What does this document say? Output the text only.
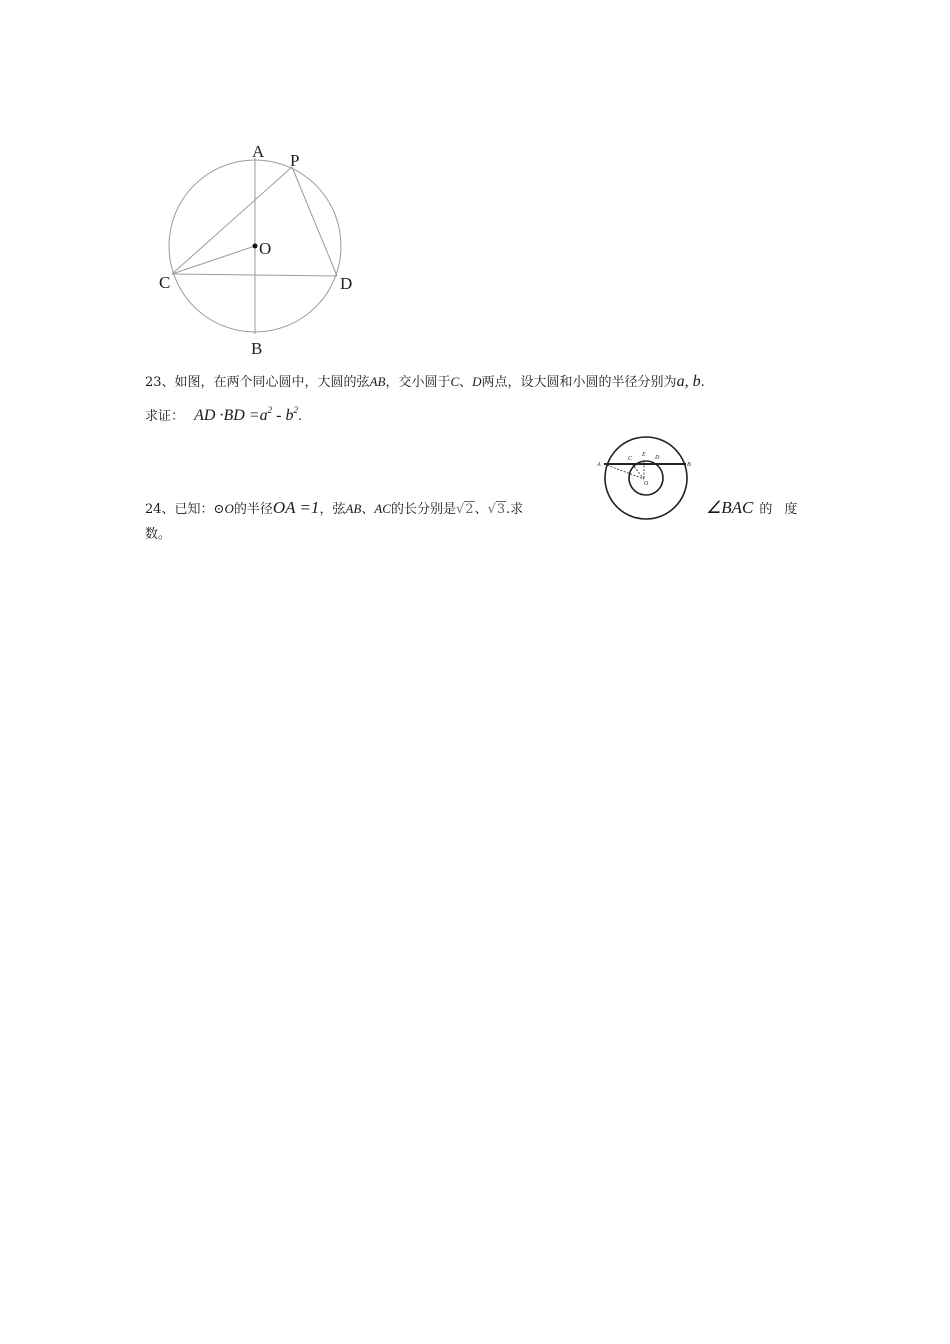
A P
O
C	D
B
23、如图，在两个同心圆中，大圆的弦AB，交小圆于C、D两点，设大圆和小圆的半径分别为a, b.
求证： AD $\cdot BD =a^2 - b^2$.
24、已知：⊙O的半径OA =1，弦AB、AC的长分别是√2、√3.求	∠BAC 的 度
数。
A
C
E D
B
O
